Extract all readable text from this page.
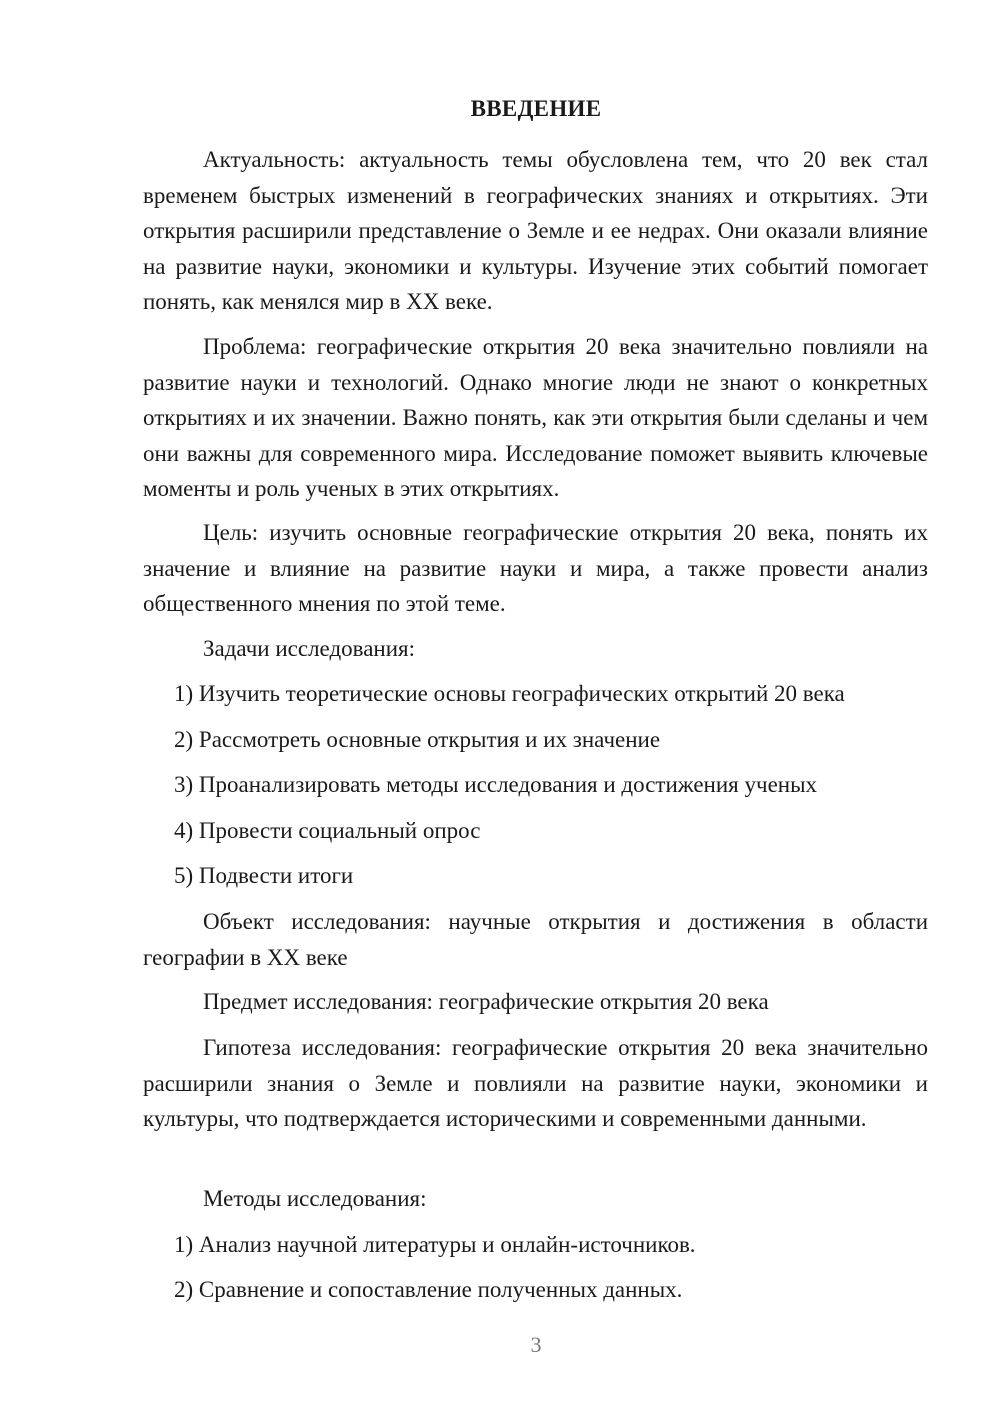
ВВЕДЕНИЕ

Актуальность: актуальность темы обусловлена тем, что 20 век стал временем быстрых изменений в географических знаниях и открытиях. Эти открытия расширили представление о Земле и ее недрах. Они оказали влияние на развитие науки, экономики и культуры. Изучение этих событий помогает понять, как менялся мир в XX веке.

Проблема: географические открытия 20 века значительно повлияли на развитие науки и технологий. Однако многие люди не знают о конкретных открытиях и их значении. Важно понять, как эти открытия были сделаны и чем они важны для современного мира. Исследование поможет выявить ключевые моменты и роль ученых в этих открытиях.

Цель: изучить основные географические открытия 20 века, понять их значение и влияние на развитие науки и мира, а также провести анализ общественного мнения по этой теме.

Задачи исследования:

1) Изучить теоретические основы географических открытий 20 века

2) Рассмотреть основные открытия и их значение

3) Проанализировать методы исследования и достижения ученых

4) Провести социальный опрос

5) Подвести итоги

Объект исследования: научные открытия и достижения в области географии в XX веке

Предмет исследования: географические открытия 20 века

Гипотеза исследования: географические открытия 20 века значительно расширили знания о Земле и повлияли на развитие науки, экономики и культуры, что подтверждается историческими и современными данными.

Методы исследования:

1) Анализ научной литературы и онлайн-источников.

2) Сравнение и сопоставление полученных данных.

3
